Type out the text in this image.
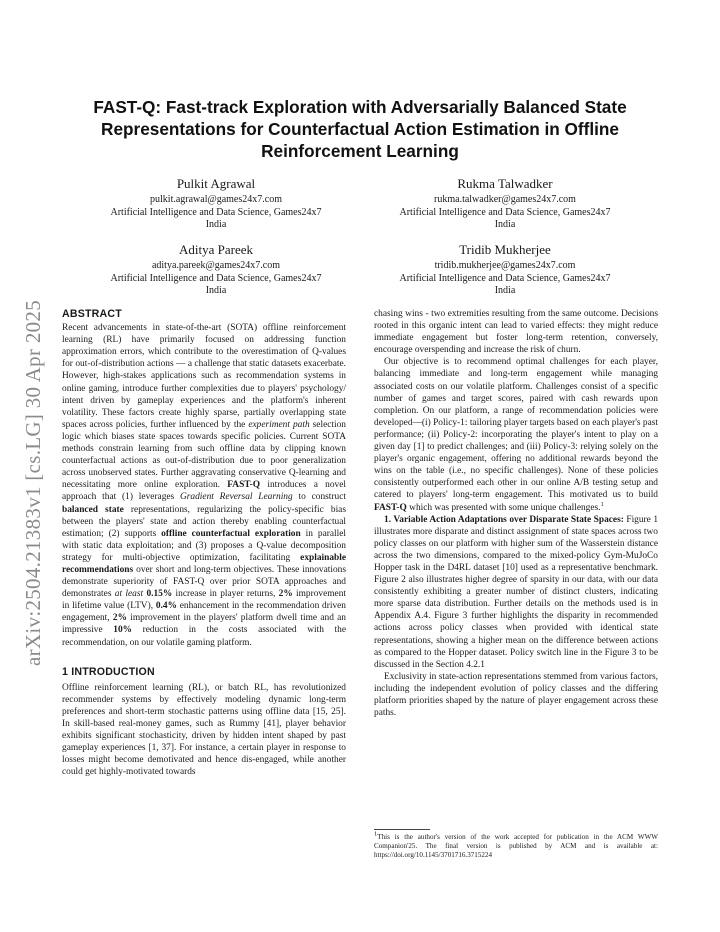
arXiv:2504.21383v1 [cs.LG] 30 Apr 2025
FAST-Q: Fast-track Exploration with Adversarially Balanced State Representations for Counterfactual Action Estimation in Offline Reinforcement Learning
Pulkit Agrawal
pulkit.agrawal@games24x7.com
Artificial Intelligence and Data Science, Games24x7
India
Rukma Talwadker
rukma.talwadker@games24x7.com
Artificial Intelligence and Data Science, Games24x7
India
Aditya Pareek
aditya.pareek@games24x7.com
Artificial Intelligence and Data Science, Games24x7
India
Tridib Mukherjee
tridib.mukherjee@games24x7.com
Artificial Intelligence and Data Science, Games24x7
India
ABSTRACT

Recent advancements in state-of-the-art (SOTA) offline reinforcement learning (RL) have primarily focused on addressing function approximation errors, which contribute to the overestimation of Q-values for out-of-distribution actions — a challenge that static datasets exacerbate. However, high-stakes applications such as recommendation systems in online gaming, introduce further complexities due to players' psychology/ intent driven by gameplay experiences and the platform's inherent volatility. These factors create highly sparse, partially overlapping state spaces across policies, further influenced by the experiment path selection logic which biases state spaces towards specific policies. Current SOTA methods constrain learning from such offline data by clipping known counterfactual actions as out-of-distribution due to poor generalization across unobserved states. Further aggravating conservative Q-learning and necessitating more online exploration. FAST-Q introduces a novel approach that (1) leverages Gradient Reversal Learning to construct balanced state representations, regularizing the policy-specific bias between the players' state and action thereby enabling counterfactual estimation; (2) supports offline counterfactual exploration in parallel with static data exploitation; and (3) proposes a Q-value decomposition strategy for multi-objective optimization, facilitating explainable recommendations over short and long-term objectives. These innovations demonstrate superiority of FAST-Q over prior SOTA approaches and demonstrates at least 0.15% increase in player returns, 2% improvement in lifetime value (LTV), 0.4% enhancement in the recommendation driven engagement, 2% improvement in the players' platform dwell time and an impressive 10% reduction in the costs associated with the recommendation, on our volatile gaming platform.

1 INTRODUCTION

Offline reinforcement learning (RL), or batch RL, has revolutionized recommender systems by effectively modeling dynamic long-term preferences and short-term stochastic patterns using offline data [15, 25]. In skill-based real-money games, such as Rummy [41], player behavior exhibits significant stochasticity, driven by hidden intent shaped by past gameplay experiences [1, 37]. For instance, a certain player in response to losses might become demotivated and hence dis-engaged, while another could get highly-motivated towards

chasing wins - two extremities resulting from the same outcome. Decisions rooted in this organic intent can lead to varied effects: they might reduce immediate engagement but foster long-term retention, conversely, encourage overspending and increase the risk of churn.

Our objective is to recommend optimal challenges for each player, balancing immediate and long-term engagement while managing associated costs on our volatile platform. Challenges consist of a specific number of games and target scores, paired with cash rewards upon completion. On our platform, a range of recommendation policies were developed—(i) Policy-1: tailoring player targets based on each player's past performance; (ii) Policy-2: incorporating the player's intent to play on a given day [1] to predict challenges; and (iii) Policy-3: relying solely on the player's organic engagement, offering no additional rewards beyond the wins on the table (i.e., no specific challenges). None of these policies consistently outperformed each other in our online A/B testing setup and catered to players' long-term engagement. This motivated us to build FAST-Q which was presented with some unique challenges.$^1$

1. Variable Action Adaptations over Disparate State Spaces: Figure 1 illustrates more disparate and distinct assignment of state spaces across two policy classes on our platform with higher sum of the Wasserstein distance across the two dimensions, compared to the mixed-policy Gym-MuJoCo Hopper task in the D4RL dataset [10] used as a representative benchmark. Figure 2 also illustrates higher degree of sparsity in our data, with our data consistently exhibiting a greater number of distinct clusters, indicating more sparse data distribution. Further details on the methods used is in Appendix A.4. Figure 3 further highlights the disparity in recommended actions across policy classes when provided with identical state representations, showing a higher mean on the difference between actions as compared to the Hopper dataset. Policy switch line in the Figure 3 to be discussed in the Section 4.2.1

Exclusivity in state-action representations stemmed from various factors, including the independent evolution of policy classes and the differing platform priorities shaped by the nature of player engagement across these paths.

$^1$This is the author's version of the work accepted for publication in the ACM WWW Companion'25. The final version is published by ACM and is available at: https://doi.org/10.1145/3701716.3715224
